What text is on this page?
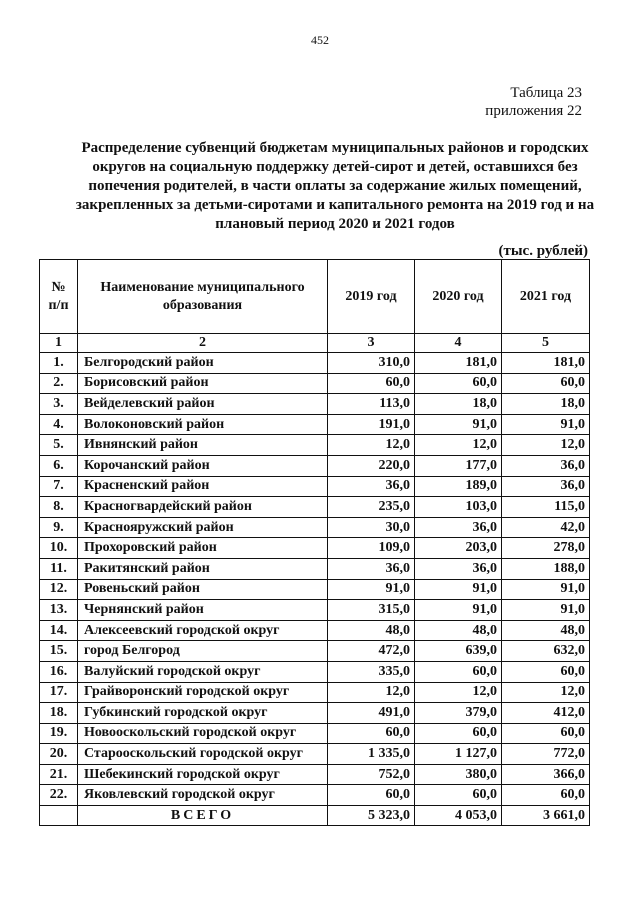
452
Таблица 23
приложения 22
Распределение субвенций бюджетам муниципальных районов и городских округов на социальную поддержку детей-сирот и детей, оставшихся без попечения родителей, в части оплаты за содержание жилых помещений, закрепленных за детьми-сиротами и капитального ремонта на 2019 год и на плановый период 2020 и 2021 годов
(тыс. рублей)
№ п/п	Наименование муниципального образования	2019 год	2020 год	2021 год
1	2	3	4	5
1.	Белгородский район	310,0	181,0	181,0
2.	Борисовский район	60,0	60,0	60,0
3.	Вейделевский район	113,0	18,0	18,0
4.	Волоконовский район	191,0	91,0	91,0
5.	Ивнянский район	12,0	12,0	12,0
6.	Корочанский район	220,0	177,0	36,0
7.	Красненский район	36,0	189,0	36,0
8.	Красногвардейский район	235,0	103,0	115,0
9.	Краснояружский район	30,0	36,0	42,0
10.	Прохоровский район	109,0	203,0	278,0
11.	Ракитянский район	36,0	36,0	188,0
12.	Ровеньский район	91,0	91,0	91,0
13.	Чернянский район	315,0	91,0	91,0
14.	Алексеевский городской округ	48,0	48,0	48,0
15.	город Белгород	472,0	639,0	632,0
16.	Валуйский городской округ	335,0	60,0	60,0
17.	Грайворонский городской округ	12,0	12,0	12,0
18.	Губкинский городской округ	491,0	379,0	412,0
19.	Новооскольский городской округ	60,0	60,0	60,0
20.	Старооскольский городской округ	1 335,0	1 127,0	772,0
21.	Шебекинский городской округ	752,0	380,0	366,0
22.	Яковлевский городской округ	60,0	60,0	60,0
	ВСЕГО	5 323,0	4 053,0	3 661,0
